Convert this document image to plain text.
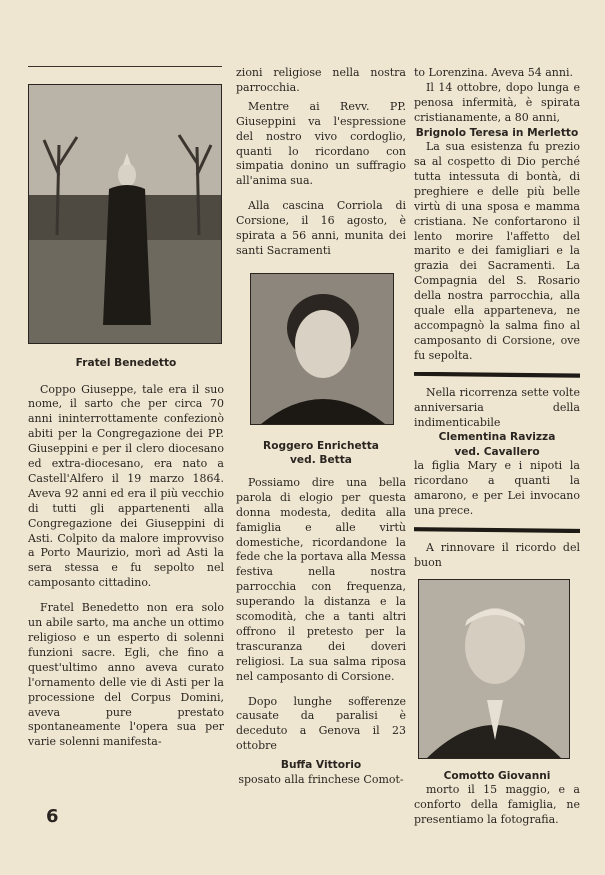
Fratel Benedetto

Coppo Giuseppe, tale era il suo nome, il sarto che per circa 70 anni ininterrottamente confezionò abiti per la Congregazione dei PP. Giuseppini e per il clero diocesano ed extra-diocesano, era nato a Castell'Alfero il 19 marzo 1864. Aveva 92 anni ed era il più vecchio di tutti gli appartenenti alla Congregazione dei Giuseppini di Asti. Colpito da malore improvviso a Porto Maurizio, morì ad Asti la sera stessa e fu sepolto nel camposanto cittadino.

Fratel Benedetto non era solo un abile sarto, ma anche un ottimo religioso e un esperto di solenni funzioni sacre. Egli, che fino a quest'ultimo anno aveva curato l'ornamento delle vie di Asti per la processione del Corpus Domini, aveva pure prestato spontaneamente l'opera sua per varie solenni manifesta-

zioni religiose nella nostra parrocchia.

Mentre ai Revv. PP. Giuseppini va l'espressione del nostro vivo cordoglio, quanti lo ricordano con simpatia donino un suffragio all'anima sua.

Alla cascina Corriola di Corsione, il 16 agosto, è spirata a 56 anni, munita dei santi Sacramenti

Roggero Enrichetta

ved. Betta

Possiamo dire una bella parola di elogio per questa donna modesta, dedita alla famiglia e alle virtù domestiche, ricordandone la fede che la portava alla Messa festiva nella nostra parrocchia con frequenza, superando la distanza e la scomodità, che a tanti altri offrono il pretesto per la trascuranza dei doveri religiosi. La sua salma riposa nel camposanto di Corsione.

Dopo lunghe sofferenze causate da paralisi è deceduto a Genova il 23 ottobre

Buffa Vittorio

sposato alla frinchese Comot-

to Lorenzina. Aveva 54 anni.

Il 14 ottobre, dopo lunga e penosa infermità, è spirata cristianamente, a 80 anni,

Brignolo Teresa in Merletto

La sua esistenza fu prezio sa al cospetto di Dio perché tutta intessuta di bontà, di preghiere e delle più belle virtù di una sposa e mamma cristiana. Ne confortarono il lento morire l'affetto del marito e dei famigliari e la grazia dei Sacramenti. La Compagnia del S. Rosario della nostra parrocchia, alla quale ella apparteneva, ne accompagnò la salma fino al camposanto di Corsione, ove fu sepolta.

Nella ricorrenza sette volte anniversaria della indimenticabile

Clementina Ravizza

ved. Cavallero

la figlia Mary e i nipoti la ricordano a quanti la amarono, e per Lei invocano una prece.

A rinnovare il ricordo del buon

Comotto Giovanni

morto il 15 maggio, e a conforto della famiglia, ne presentiamo la fotografia.

6
